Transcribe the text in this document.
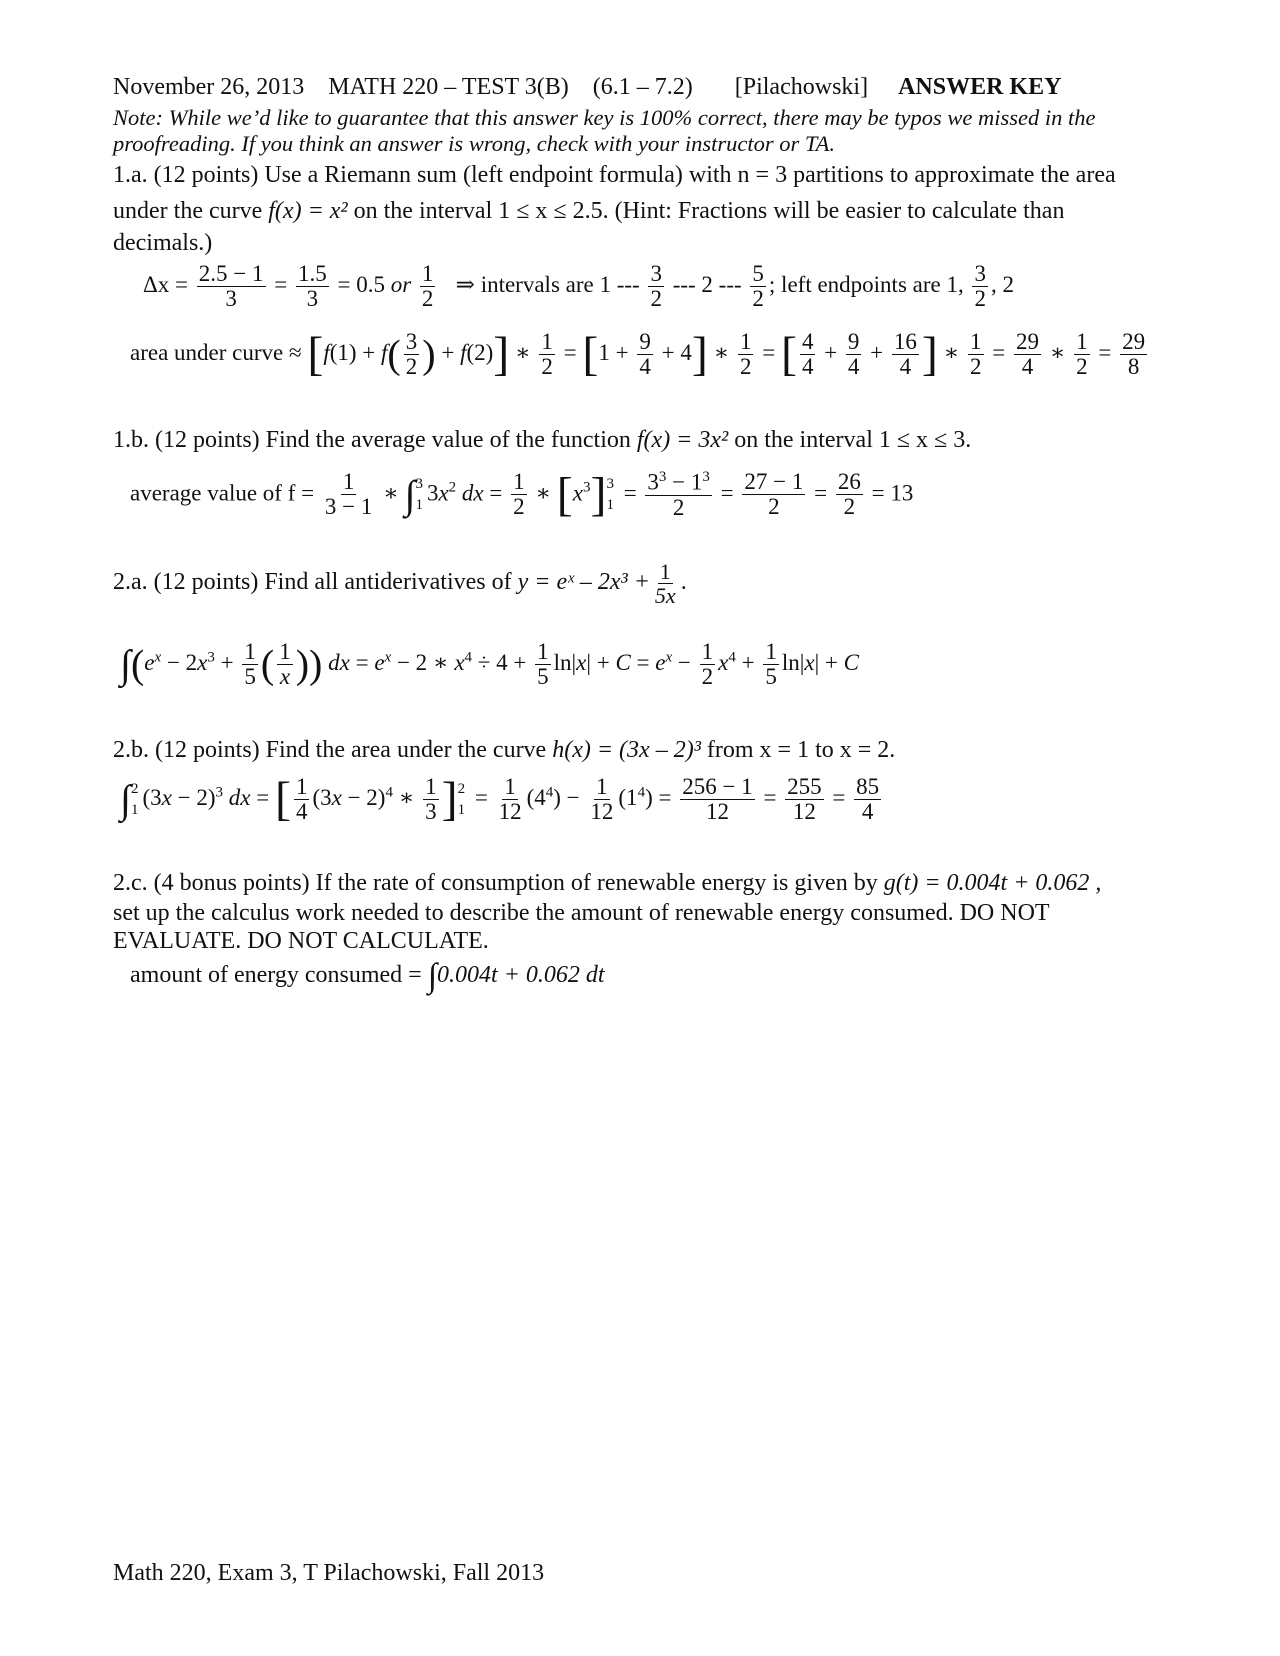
November 26, 2013 MATH 220 – TEST 3(B) (6.1 – 7.2) [Pilachowski] ANSWER KEY
Note: While we’d like to guarantee that this answer key is 100% correct, there may be typos we missed in the
proofreading. If you think an answer is wrong, check with your instructor or TA.
1.a. (12 points) Use a Riemann sum (left endpoint formula) with n = 3 partitions to approximate the area
under the curve f(x) = x² on the interval 1 ≤ x ≤ 2.5. (Hint: Fractions will be easier to calculate than
decimals.)
$\Delta x = \frac{2.5 - 1}{3} = \frac{1.5}{3} = 0.5$ or $\frac{1}{2}$ ⇒ intervals are 1 --- $\frac{3}{2}$ --- 2 --- $\frac{5}{2}$ ; left endpoints are 1, $\frac{3}{2}$ , 2
area under curve ≈ [$f(1) + f( \frac{3}{2}$ ) + f(2)] ∗ $\frac{1}{2} = [1 + \frac{9}{4} + 4]$ ∗ $\frac{1}{2}$ = [ $\frac{4}{4} + \frac{9}{4} + \frac{16}{4}$ ] ∗ $\frac{1}{2} = \frac{29}{4}$ ∗ $\frac{1}{2} = \frac{29}{8}$
1.b. (12 points) Find the average value of the function f(x) = 3x² on the interval 1 ≤ x ≤ 3.
average value of $f = \frac{1}{3 - 1}$ ∗ ∫ 3
1 $3x^2$ dx = $\frac{1}{2}$ ∗ $[x^3]$ 3
$1 = \frac{3^3 - 1^3}{2} = \frac{27 - 1}{2} = \frac{26}{2} = 13$
2.a. (12 points) Find all antiderivatives of y = eˣ – $2x^3 + \frac{1}{5x}$ .
$\int(e^x - 2x^3 + \frac{1}{5}$ ( $\frac{1}{x}$ )) dx = $e^x - 2$ ∗ $x^4 \div 4 + \frac{1}{5} \ln|x| + C = e^x - \frac{1}{2} x^4 + \frac{1}{5} \ln|x| + C$
2.b. (12 points) Find the area under the curve h(x) = (3x – 2)³ from x = 1 to x = 2.
∫ 2
1 $(3x - 2)^3$ dx = [ $\frac{1}{4} (3x - 2)^4$ ∗ $\frac{1}{3}$ ] 2
$1 = \frac{1}{12} (4^4) - \frac{1}{12} (1^4) = \frac{256 - 1}{12} = \frac{255}{12} = \frac{85}{4}$
2.c. (4 bonus points) If the rate of consumption of renewable energy is given by g(t) = 0.004t + 0.062 ,
set up the calculus work needed to describe the amount of renewable energy consumed. DO NOT
EVALUATE. DO NOT CALCULATE.
amount of energy consumed = ∫0.004t + 0.062 dt
Math 220, Exam 3, T Pilachowski, Fall 2013
